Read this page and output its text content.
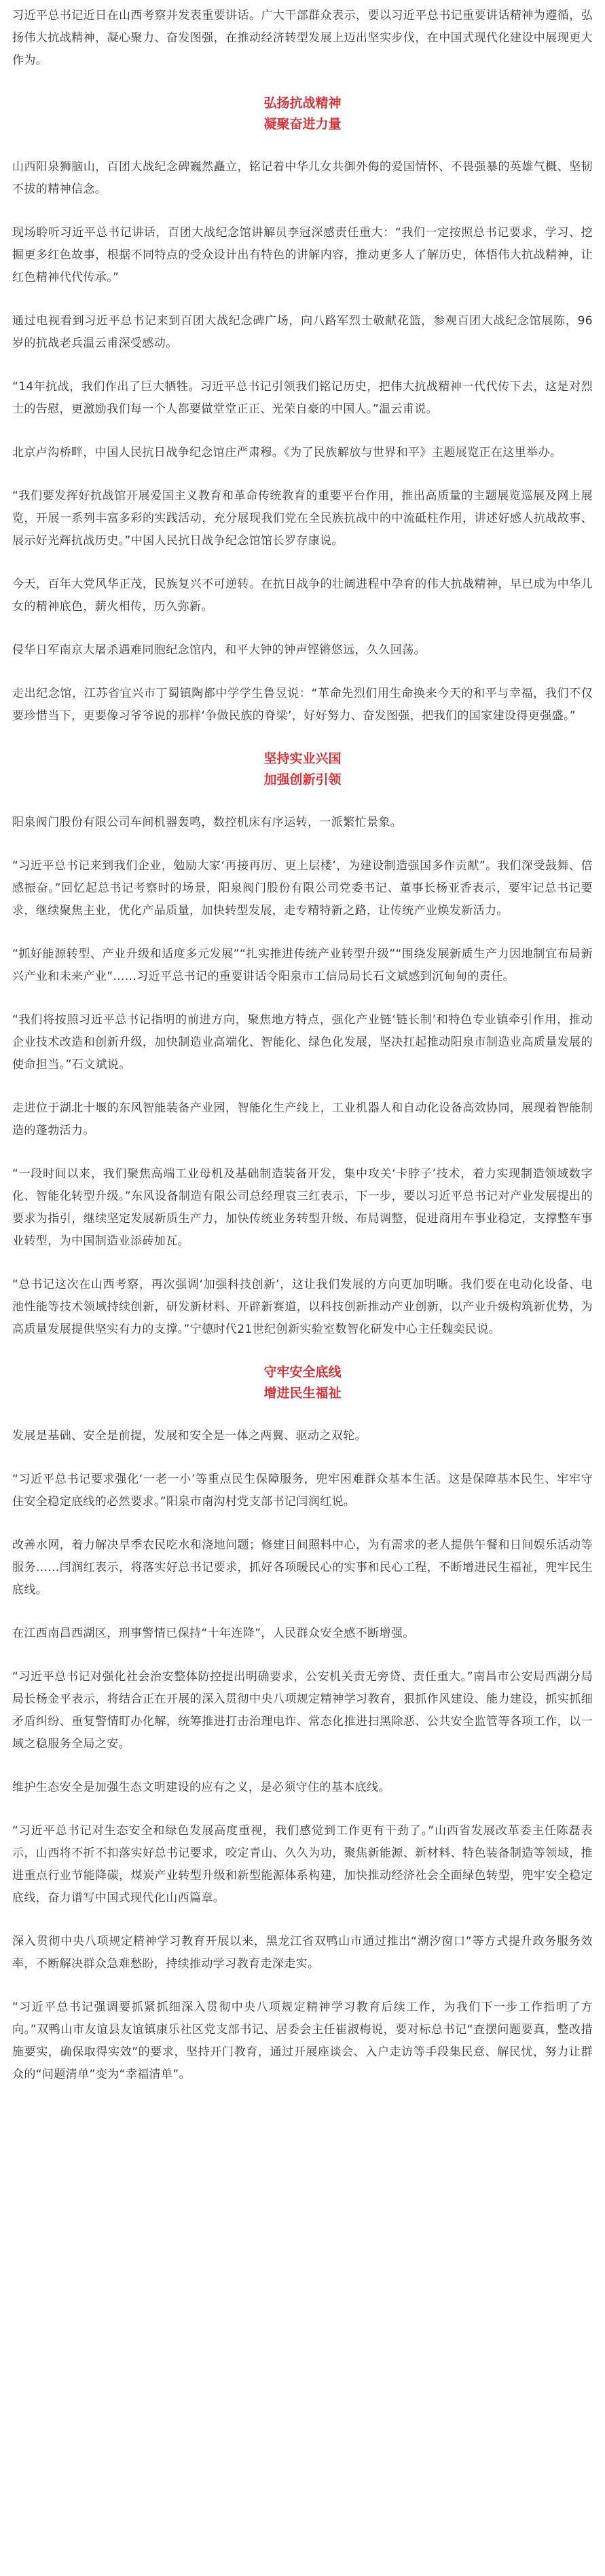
习近平总书记近日在山西考察并发表重要讲话。广大干部群众表示，要以习近平总书记重要讲话精神为遵循，弘扬伟大抗战精神，凝心聚力、奋发图强，在推动经济转型发展上迈出坚实步伐，在中国式现代化建设中展现更大作为。

弘扬抗战精神
凝聚奋进力量

山西阳泉狮脑山，百团大战纪念碑巍然矗立，铭记着中华儿女共御外侮的爱国情怀、不畏强暴的英雄气概、坚韧不拔的精神信念。

现场聆听习近平总书记讲话，百团大战纪念馆讲解员李冠深感责任重大：“我们一定按照总书记要求，学习、挖掘更多红色故事，根据不同特点的受众设计出有特色的讲解内容，推动更多人了解历史，体悟伟大抗战精神，让红色精神代代传承。”

通过电视看到习近平总书记来到百团大战纪念碑广场，向八路军烈士敬献花篮，参观百团大战纪念馆展陈，96岁的抗战老兵温云甫深受感动。

“14年抗战，我们作出了巨大牺牲。习近平总书记引领我们铭记历史，把伟大抗战精神一代代传下去，这是对烈士的告慰，更激励我们每一个人都要做堂堂正正、光荣自豪的中国人。”温云甫说。

北京卢沟桥畔，中国人民抗日战争纪念馆庄严肃穆。《为了民族解放与世界和平》主题展览正在这里举办。

“我们要发挥好抗战馆开展爱国主义教育和革命传统教育的重要平台作用，推出高质量的主题展览巡展及网上展览，开展一系列丰富多彩的实践活动，充分展现我们党在全民族抗战中的中流砥柱作用，讲述好感人抗战故事、展示好光辉抗战历史。”中国人民抗日战争纪念馆馆长罗存康说。

今天，百年大党风华正茂，民族复兴不可逆转。在抗日战争的壮阔进程中孕育的伟大抗战精神，早已成为中华儿女的精神底色，薪火相传，历久弥新。

侵华日军南京大屠杀遇难同胞纪念馆内，和平大钟的钟声铿锵悠远，久久回荡。

走出纪念馆，江苏省宜兴市丁蜀镇陶都中学学生鲁昱说：“革命先烈们用生命换来今天的和平与幸福，我们不仅要珍惜当下，更要像习爷爷说的那样‘争做民族的脊梁’，好好努力、奋发图强，把我们的国家建设得更强盛。”

坚持实业兴国
加强创新引领

阳泉阀门股份有限公司车间机器轰鸣，数控机床有序运转，一派繁忙景象。

“习近平总书记来到我们企业，勉励大家‘再接再厉、更上层楼’，为建设制造强国多作贡献”。我们深受鼓舞、倍感振奋。”回忆起总书记考察时的场景，阳泉阀门股份有限公司党委书记、董事长杨亚香表示，要牢记总书记要求，继续聚焦主业，优化产品质量，加快转型发展，走专精特新之路，让传统产业焕发新活力。

“抓好能源转型、产业升级和适度多元发展”“扎实推进传统产业转型升级”“围绕发展新质生产力因地制宜布局新兴产业和未来产业”……习近平总书记的重要讲话令阳泉市工信局局长石文斌感到沉甸甸的责任。

“我们将按照习近平总书记指明的前进方向，聚焦地方特点，强化产业链‘链长制’和特色专业镇牵引作用，推动企业技术改造和创新升级，加快制造业高端化、智能化、绿色化发展，坚决扛起推动阳泉市制造业高质量发展的使命担当。”石文斌说。

走进位于湖北十堰的东风智能装备产业园，智能化生产线上，工业机器人和自动化设备高效协同，展现着智能制造的蓬勃活力。

“一段时间以来，我们聚焦高端工业母机及基础制造装备开发，集中攻关‘卡脖子’技术，着力实现制造领域数字化、智能化转型升级。”东风设备制造有限公司总经理袁三红表示，下一步，要以习近平总书记对产业发展提出的要求为指引，继续坚定发展新质生产力，加快传统业务转型升级、布局调整，促进商用车事业稳定，支撑整车事业转型，为中国制造业添砖加瓦。

“总书记这次在山西考察，再次强调‘加强科技创新’，这让我们发展的方向更加明晰。我们要在电动化设备、电池性能等技术领域持续创新，研发新材料、开辟新赛道，以科技创新推动产业创新，以产业升级构筑新优势，为高质量发展提供坚实有力的支撑。”宁德时代21世纪创新实验室数智化研发中心主任魏奕民说。

守牢安全底线
增进民生福祉

发展是基础、安全是前提，发展和安全是一体之两翼、驱动之双轮。

“习近平总书记要求强化‘一老一小’等重点民生保障服务，兜牢困难群众基本生活。这是保障基本民生、牢牢守住安全稳定底线的必然要求。”阳泉市南沟村党支部书记闫润红说。

改善水网，着力解决旱季农民吃水和浇地问题；修建日间照料中心，为有需求的老人提供午餐和日间娱乐活动等服务……闫润红表示，将落实好总书记要求，抓好各项暖民心的实事和民心工程，不断增进民生福祉，兜牢民生底线。

在江西南昌西湖区，刑事警情已保持“十年连降”，人民群众安全感不断增强。

“习近平总书记对强化社会治安整体防控提出明确要求，公安机关责无旁贷、责任重大。”南昌市公安局西湖分局局长杨金平表示，将结合正在开展的深入贯彻中央八项规定精神学习教育，狠抓作风建设、能力建设，抓实抓细矛盾纠纷、重复警情盯办化解，统筹推进打击治理电诈、常态化推进扫黑除恶、公共安全监管等各项工作，以一域之稳服务全局之安。

维护生态安全是加强生态文明建设的应有之义，是必须守住的基本底线。

“习近平总书记对生态安全和绿色发展高度重视，我们感觉到工作更有干劲了。”山西省发展改革委主任陈磊表示，山西将不折不扣落实好总书记要求，咬定青山、久久为功，聚焦新能源、新材料、特色装备制造等领域，推进重点行业节能降碳，煤炭产业转型升级和新型能源体系构建，加快推动经济社会全面绿色转型，兜牢安全稳定底线，奋力谱写中国式现代化山西篇章。

深入贯彻中央八项规定精神学习教育开展以来，黑龙江省双鸭山市通过推出“潮汐窗口”等方式提升政务服务效率，不断解决群众急难愁盼，持续推动学习教育走深走实。

“习近平总书记强调要抓紧抓细深入贯彻中央八项规定精神学习教育后续工作，为我们下一步工作指明了方向。”双鸭山市友谊县友谊镇康乐社区党支部书记、居委会主任崔淑梅说，要对标总书记“查摆问题要真，整改措施要实，确保取得实效”的要求，坚持开门教育，通过开展座谈会、入户走访等手段集民意、解民忧，努力让群众的“问题清单”变为“幸福清单”。
